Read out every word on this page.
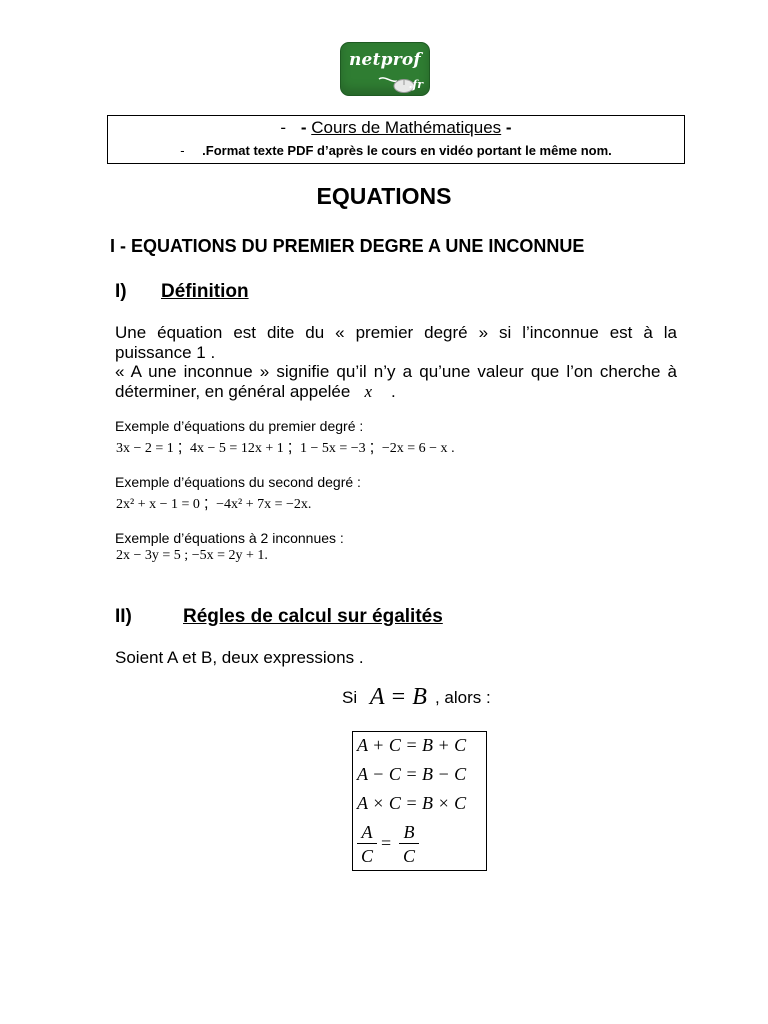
netprof
.fr
- - Cours de Mathématiques -
- .Format texte PDF d’après le cours en vidéo portant le même nom.
EQUATIONS
I - EQUATIONS DU PREMIER DEGRE A UNE INCONNUE
I) Définition
Une équation est dite du « premier degré » si l’inconnue est à la puissance 1 .
« A une inconnue » signifie qu’il n’y a qu’une valeur que l’on cherche à déterminer, en général appelée x .
Exemple d’équations du premier degré :
3x − 2 = 1 ; 4x − 5 = 12x + 1 ; 1 − 5x = −3 ; −2x = 6 − x .
Exemple d’équations du second degré :
2x² + x − 1 = 0 ; −4x² + 7x = −2x.
Exemple d’équations à 2 inconnues :
2x − 3y = 5 ; −5x = 2y + 1.
II)	Régles de calcul sur égalités
Soient A et B, deux expressions .
Si A = B , alors :
A + C = B + C
A − C = B − C
A × C = B × C
$\frac{A}{C} = \frac{B}{C}$
